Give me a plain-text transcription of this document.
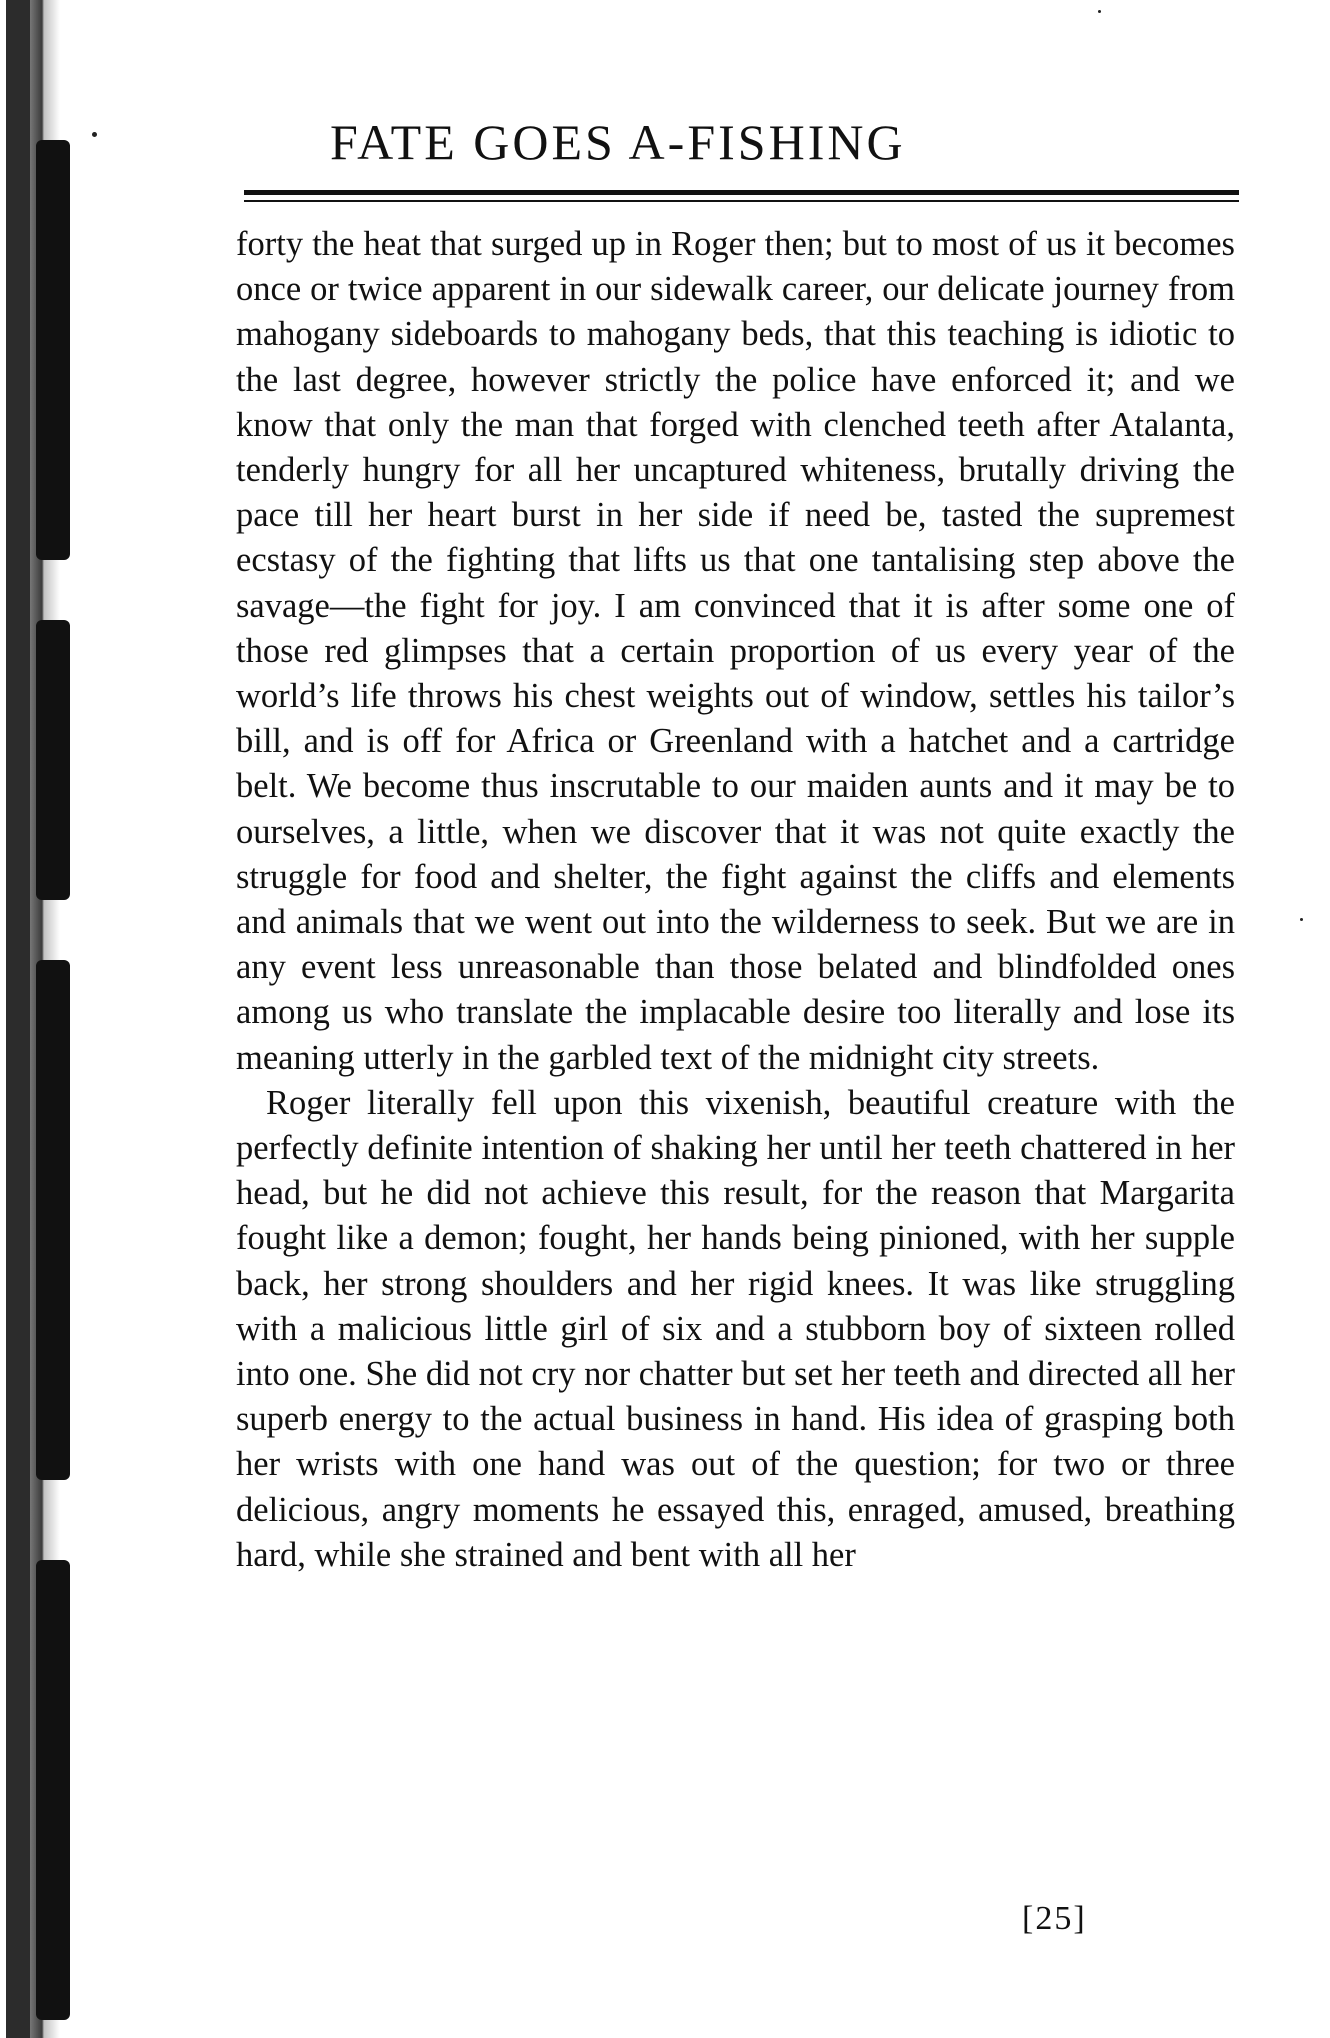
FATE GOES A-FISHING

forty the heat that surged up in Roger then; but to most of us it becomes once or twice apparent in our sidewalk career, our delicate journey from mahogany sideboards to mahogany beds, that this teaching is idiotic to the last degree, however strictly the police have enforced it; and we know that only the man that forged with clenched teeth after Atalanta, tenderly hungry for all her uncaptured whiteness, brutally driving the pace till her heart burst in her side if need be, tasted the supremest ecstasy of the fighting that lifts us that one tantalising step above the savage—the fight for joy. I am convinced that it is after some one of those red glimpses that a certain proportion of us every year of the world’s life throws his chest weights out of window, settles his tailor’s bill, and is off for Africa or Greenland with a hatchet and a cartridge belt. We become thus inscrutable to our maiden aunts and it may be to ourselves, a little, when we discover that it was not quite exactly the struggle for food and shelter, the fight against the cliffs and elements and animals that we went out into the wilderness to seek. But we are in any event less unreasonable than those belated and blindfolded ones among us who translate the implacable desire too literally and lose its meaning utterly in the garbled text of the midnight city streets.

Roger literally fell upon this vixenish, beautiful creature with the perfectly definite intention of shaking her until her teeth chattered in her head, but he did not achieve this result, for the reason that Margarita fought like a demon; fought, her hands being pinioned, with her supple back, her strong shoulders and her rigid knees. It was like struggling with a malicious little girl of six and a stubborn boy of sixteen rolled into one. She did not cry nor chatter but set her teeth and directed all her superb energy to the actual business in hand. His idea of grasping both her wrists with one hand was out of the question; for two or three delicious, angry moments he essayed this, enraged, amused, breathing hard, while she strained and bent with all her

[25]
